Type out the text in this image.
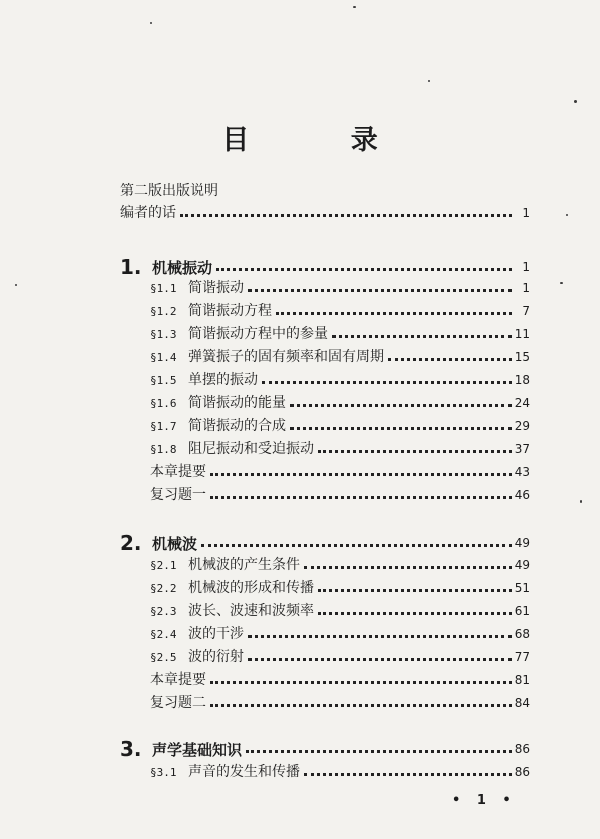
目 录
第二版出版说明
编者的话	1
1. 机械振动	1
§1.1 简谐振动	1
§1.2 简谐振动方程	7
§1.3 简谐振动方程中的参量	11
§1.4 弹簧振子的固有频率和固有周期	15
§1.5 单摆的振动	18
§1.6 简谐振动的能量	24
§1.7 简谐振动的合成	29
§1.8 阻尼振动和受迫振动	37
本章提要	43
复习题一	46
2. 机械波	49
§2.1 机械波的产生条件	49
§2.2 机械波的形成和传播	51
§2.3 波长、波速和波频率	61
§2.4 波的干涉	68
§2.5 波的衍射	77
本章提要	81
复习题二	84
3. 声学基础知识	86
§3.1 声音的发生和传播	86
• 1 •
